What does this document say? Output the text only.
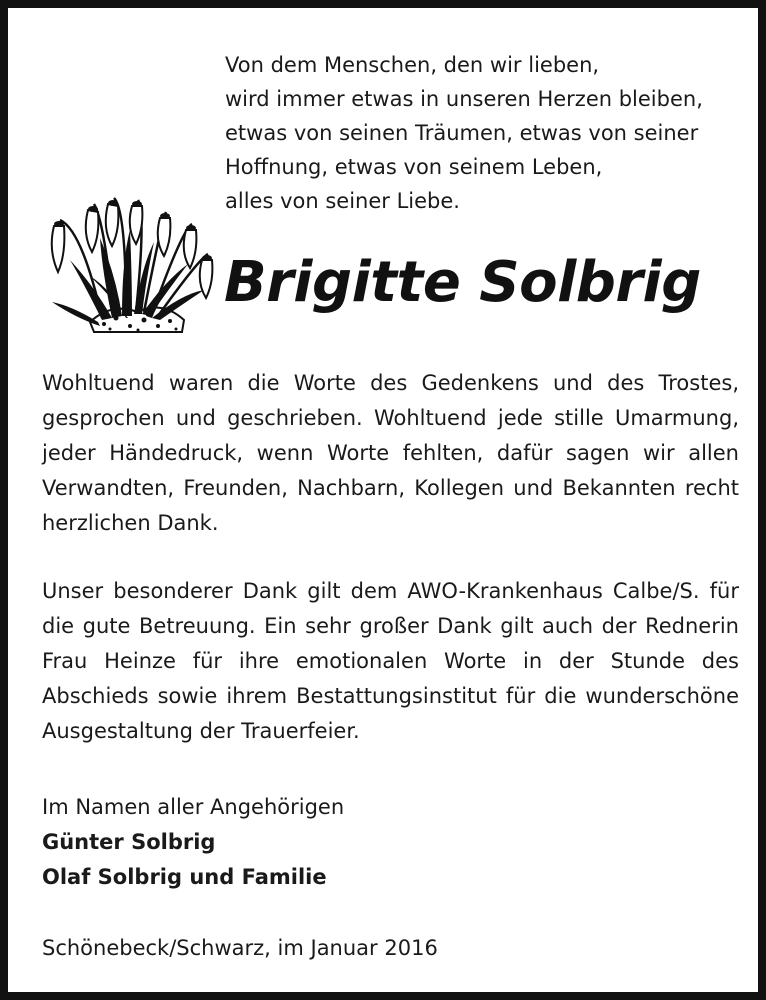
Von dem Menschen, den wir lieben,
wird immer etwas in unseren Herzen bleiben,
etwas von seinen Träumen, etwas von seiner
Hoffnung, etwas von seinem Leben,
alles von seiner Liebe.
Brigitte Solbrig
Wohltuend waren die Worte des Gedenkens und des Trostes, gesprochen und geschrieben. Wohltuend jede stille Umarmung, jeder Händedruck, wenn Worte fehlten, dafür sagen wir allen Verwandten, Freunden, Nachbarn, Kollegen und Bekannten recht herzlichen Dank.
Unser besonderer Dank gilt dem AWO-Krankenhaus Calbe/S. für die gute Betreuung. Ein sehr großer Dank gilt auch der Rednerin Frau Heinze für ihre emotionalen Worte in der Stunde des Abschieds sowie ihrem Bestattungsinstitut für die wunderschöne Ausgestaltung der Trauerfeier.
Im Namen aller Angehörigen
Günter Solbrig
Olaf Solbrig und Familie
Schönebeck/Schwarz, im Januar 2016
